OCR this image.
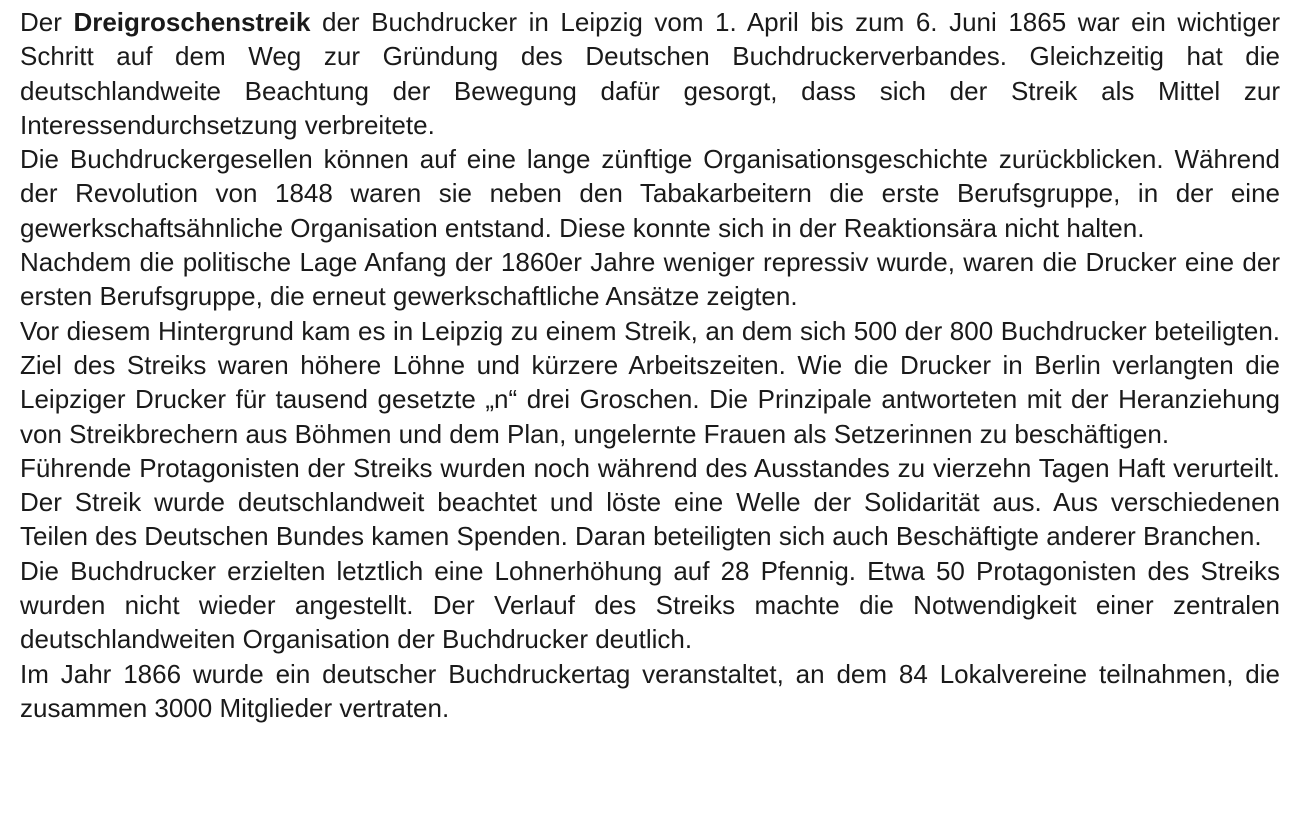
Der Dreigroschenstreik der Buchdrucker in Leipzig vom 1. April bis zum 6. Juni 1865 war ein wichtiger Schritt auf dem Weg zur Gründung des Deutschen Buchdruckerverbandes. Gleichzeitig hat die deutschlandweite Beachtung der Bewegung dafür gesorgt, dass sich der Streik als Mittel zur Interessendurchsetzung verbreitete.

Die Buchdruckergesellen können auf eine lange zünftige Organisationsgeschichte zurückblicken. Während der Revolution von 1848 waren sie neben den Tabakarbeitern die erste Berufsgruppe, in der eine gewerkschaftsähnliche Organisation entstand. Diese konnte sich in der Reaktionsära nicht halten.

Nachdem die politische Lage Anfang der 1860er Jahre weniger repressiv wurde, waren die Drucker eine der ersten Berufsgruppe, die erneut gewerkschaftliche Ansätze zeigten.

Vor diesem Hintergrund kam es in Leipzig zu einem Streik, an dem sich 500 der 800 Buchdrucker beteiligten. Ziel des Streiks waren höhere Löhne und kürzere Arbeitszeiten. Wie die Drucker in Berlin verlangten die Leipziger Drucker für tausend gesetzte „n“ drei Groschen. Die Prinzipale antworteten mit der Heranziehung von Streikbrechern aus Böhmen und dem Plan, ungelernte Frauen als Setzerinnen zu beschäftigen.

Führende Protagonisten der Streiks wurden noch während des Ausstandes zu vierzehn Tagen Haft verurteilt. Der Streik wurde deutschlandweit beachtet und löste eine Welle der Solidarität aus. Aus verschiedenen Teilen des Deutschen Bundes kamen Spenden. Daran beteiligten sich auch Beschäftigte anderer Branchen.

Die Buchdrucker erzielten letztlich eine Lohnerhöhung auf 28 Pfennig. Etwa 50 Protagonisten des Streiks wurden nicht wieder angestellt. Der Verlauf des Streiks machte die Notwendigkeit einer zentralen deutschlandweiten Organisation der Buchdrucker deutlich.

Im Jahr 1866 wurde ein deutscher Buchdruckertag veranstaltet, an dem 84 Lokalvereine teilnahmen, die zusammen 3000 Mitglieder vertraten.
